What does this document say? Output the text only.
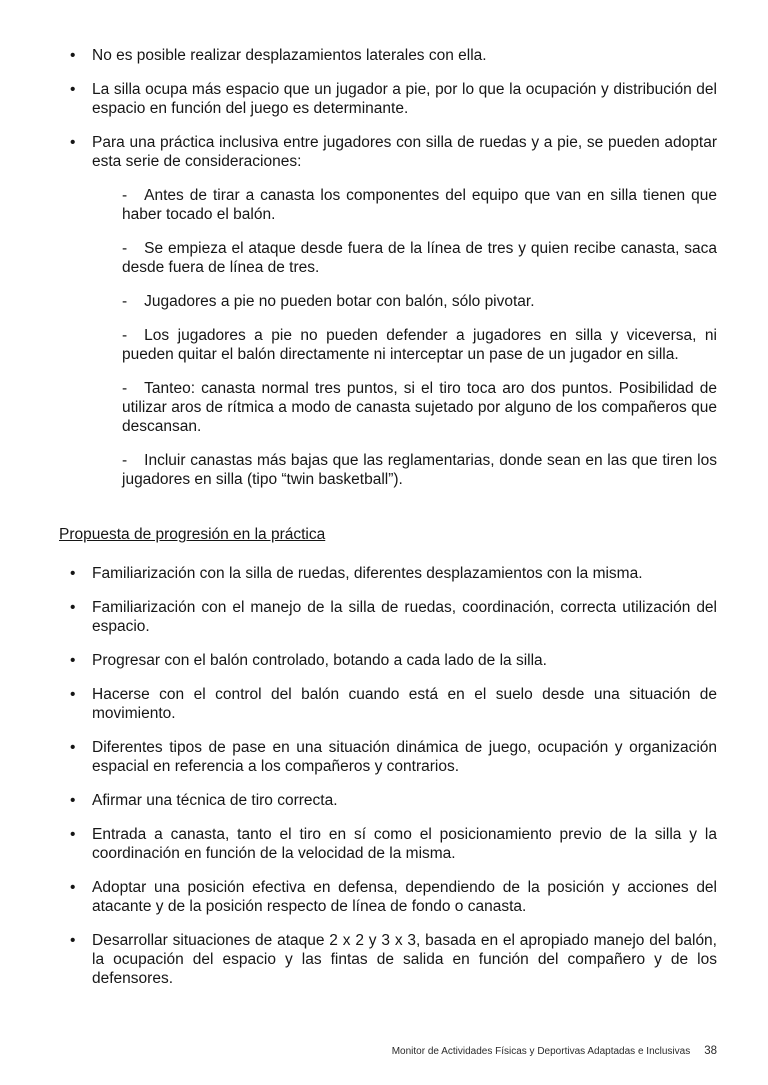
•	No es posible realizar desplazamientos laterales con ella.

•	La silla ocupa más espacio que un jugador a pie, por lo que la ocupación y distribución del espacio en función del juego es determinante.

•	Para una práctica inclusiva entre jugadores con silla de ruedas y a pie, se pueden adoptar esta serie de consideraciones:

- Antes de tirar a canasta los componentes del equipo que van en silla tienen que haber tocado el balón.
- Se empieza el ataque desde fuera de la línea de tres y quien recibe canasta, saca desde fuera de línea de tres.
- Jugadores a pie no pueden botar con balón, sólo pivotar.
- Los jugadores a pie no pueden defender a jugadores en silla y viceversa, ni pueden quitar el balón directamente ni interceptar un pase de un jugador en silla.
- Tanteo: canasta normal tres puntos, si el tiro toca aro dos puntos. Posibilidad de utilizar aros de rítmica a modo de canasta sujetado por alguno de los compañeros que descansan.
- Incluir canastas más bajas que las reglamentarias, donde sean en las que tiren los jugadores en silla (tipo “twin basketball”).
Propuesta de progresión en la práctica
•	Familiarización con la silla de ruedas, diferentes desplazamientos con la misma.

•	Familiarización con el manejo de la silla de ruedas, coordinación, correcta utilización del espacio.

•	Progresar con el balón controlado, botando a cada lado de la silla.

•	Hacerse con el control del balón cuando está en el suelo desde una situación de movimiento.

•	Diferentes tipos de pase en una situación dinámica de juego, ocupación y organización espacial en referencia a los compañeros y contrarios.

•	Afirmar una técnica de tiro correcta.

•	Entrada a canasta, tanto el tiro en sí como el posicionamiento previo de la silla y la coordinación en función de la velocidad de la misma.

•	Adoptar una posición efectiva en defensa, dependiendo de la posición y acciones del atacante y de la posición respecto de línea de fondo o canasta.

•	Desarrollar situaciones de ataque 2 x 2 y 3 x 3, basada en el apropiado manejo del balón, la ocupación del espacio y las fintas de salida en función del compañero y de los defensores.

Monitor de Actividades Físicas y Deportivas Adaptadas e Inclusivas 38
